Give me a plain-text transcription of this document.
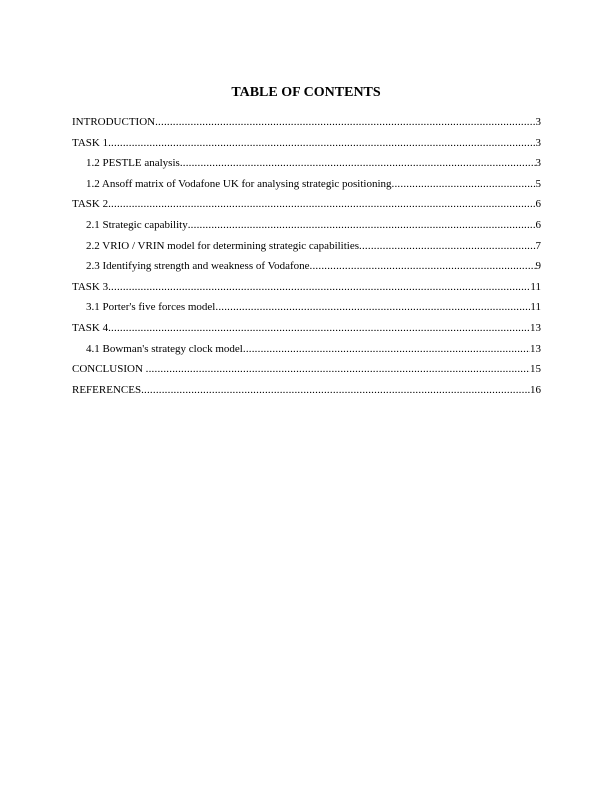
TABLE OF CONTENTS
INTRODUCTION .....	3
TASK 1 .....	3
1.2 PESTLE analysis .....	3
1.2 Ansoff matrix of Vodafone UK for analysing strategic positioning .....	5
TASK 2 .....	6
2.1 Strategic capability .....	6
2.2 VRIO / VRIN model for determining strategic capabilities .....	7
2.3 Identifying strength and weakness of Vodafone .....	9
TASK 3 .....	11
3.1 Porter's five forces model .....	11
TASK 4 .....	13
4.1 Bowman's strategy clock model .....	13
CONCLUSION .....	15
REFERENCES .....	16
